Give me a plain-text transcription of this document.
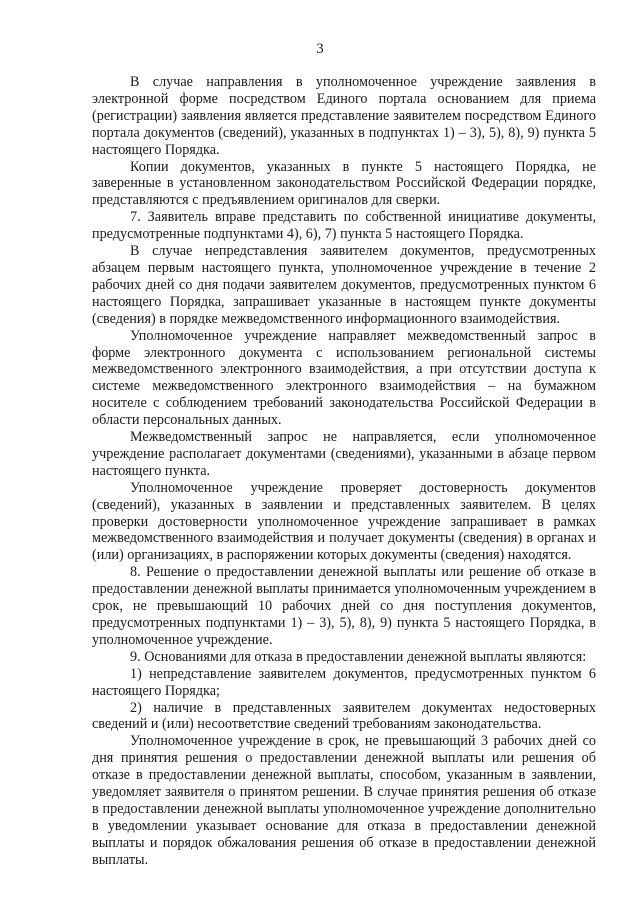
3

В случае направления в уполномоченное учреждение заявления в электронной форме посредством Единого портала основанием для приема (регистрации) заявления является представление заявителем посредством Единого портала документов (сведений), указанных в подпунктах 1) – 3), 5), 8), 9) пункта 5 настоящего Порядка.

Копии документов, указанных в пункте 5 настоящего Порядка, не заверенные в установленном законодательством Российской Федерации порядке, представляются с предъявлением оригиналов для сверки.

7. Заявитель вправе представить по собственной инициативе документы, предусмотренные подпунктами 4), 6), 7) пункта 5 настоящего Порядка.

В случае непредставления заявителем документов, предусмотренных абзацем первым настоящего пункта, уполномоченное учреждение в течение 2 рабочих дней со дня подачи заявителем документов, предусмотренных пунктом 6 настоящего Порядка, запрашивает указанные в настоящем пункте документы (сведения) в порядке межведомственного информационного взаимодействия.

Уполномоченное учреждение направляет межведомственный запрос в форме электронного документа с использованием региональной системы межведомственного электронного взаимодействия, а при отсутствии доступа к системе межведомственного электронного взаимодействия – на бумажном носителе с соблюдением требований законодательства Российской Федерации в области персональных данных.

Межведомственный запрос не направляется, если уполномоченное учреждение располагает документами (сведениями), указанными в абзаце первом настоящего пункта.

Уполномоченное учреждение проверяет достоверность документов (сведений), указанных в заявлении и представленных заявителем. В целях проверки достоверности уполномоченное учреждение запрашивает в рамках межведомственного взаимодействия и получает документы (сведения) в органах и (или) организациях, в распоряжении которых документы (сведения) находятся.

8. Решение о предоставлении денежной выплаты или решение об отказе в предоставлении денежной выплаты принимается уполномоченным учреждением в срок, не превышающий 10 рабочих дней со дня поступления документов, предусмотренных подпунктами 1) – 3), 5), 8), 9) пункта 5 настоящего Порядка, в уполномоченное учреждение.

9. Основаниями для отказа в предоставлении денежной выплаты являются:

1) непредставление заявителем документов, предусмотренных пунктом 6 настоящего Порядка;

2) наличие в представленных заявителем документах недостоверных сведений и (или) несоответствие сведений требованиям законодательства.

Уполномоченное учреждение в срок, не превышающий 3 рабочих дней со дня принятия решения о предоставлении денежной выплаты или решения об отказе в предоставлении денежной выплаты, способом, указанным в заявлении, уведомляет заявителя о принятом решении. В случае принятия решения об отказе в предоставлении денежной выплаты уполномоченное учреждение дополнительно в уведомлении указывает основание для отказа в предоставлении денежной выплаты и порядок обжалования решения об отказе в предоставлении денежной выплаты.
